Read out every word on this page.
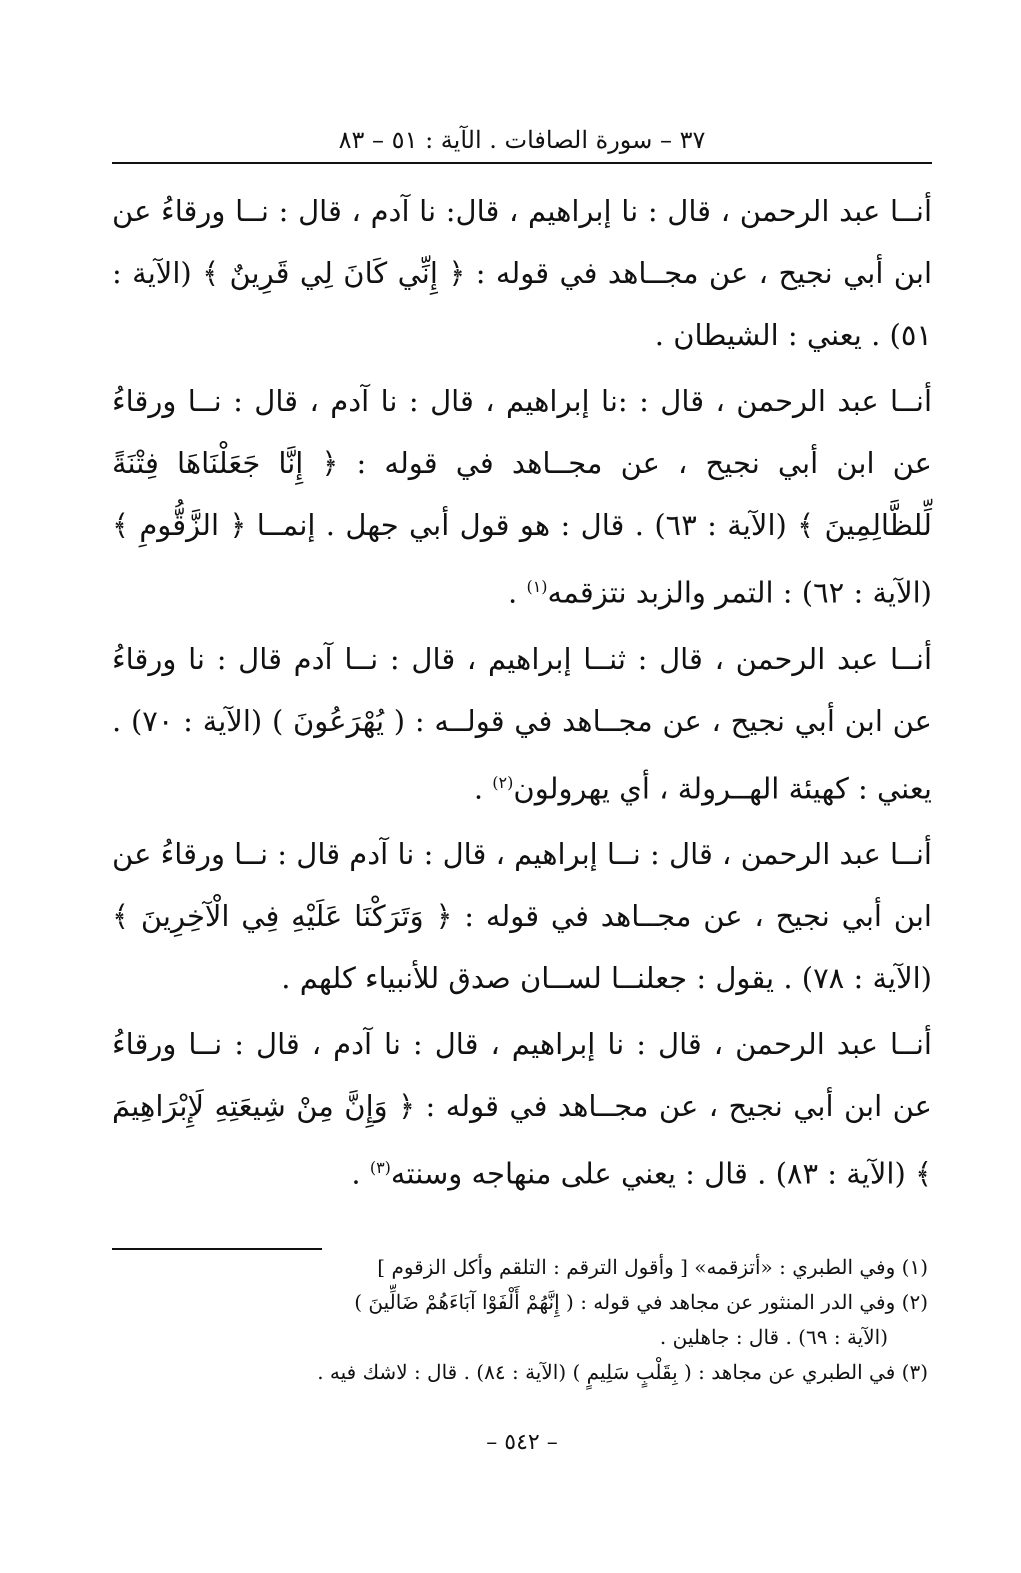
٣٧ – سورة الصافات . الآية : ٥١ – ٨٣

أنــا عبد الرحمن ، قال : نا إبراهيم ، قال: نا آدم ، قال : نــا ورقاءُ عن ابن أبي نجيح ، عن مجــاهد في قوله : ﴿ إِنِّي كَانَ لِي قَرِينٌ ﴾ (الآية : ٥١) . يعني : الشيطان .

أنــا عبد الرحمن ، قال : :نا إبراهيم ، قال : نا آدم ، قال : نــا ورقاءُ عن ابن أبي نجيح ، عن مجــاهد في قوله : ﴿ إِنَّا جَعَلْنَاهَا فِتْنَةً لِّلظَّالِمِينَ ﴾ (الآية : ٦٣) . قال : هو قول أبي جهل . إنمــا ﴿ الزَّقُّومِ ﴾ (الآية : ٦٢) : التمر والزبد نتزقمه$^{(١)}$ .

أنــا عبد الرحمن ، قال : ثنــا إبراهيم ، قال : نــا آدم قال : نا ورقاءُ عن ابن أبي نجيح ، عن مجــاهد في قولــه : ( يُهْرَعُونَ ) (الآية : ٧٠) . يعني : كهيئة الهــرولة ، أي يهرولون$^{(٢)}$ .

أنــا عبد الرحمن ، قال : نــا إبراهيم ، قال : نا آدم قال : نــا ورقاءُ عن ابن أبي نجيح ، عن مجــاهد في قوله : ﴿ وَتَرَكْنَا عَلَيْهِ فِي الْآخِرِينَ ﴾ (الآية : ٧٨) . يقول : جعلنــا لســان صدق للأنبياء كلهم .

أنــا عبد الرحمن ، قال : نا إبراهيم ، قال : نا آدم ، قال : نــا ورقاءُ عن ابن أبي نجيح ، عن مجــاهد في قوله : ﴿ وَإِنَّ مِنْ شِيعَتِهِ لَإِبْرَاهِيمَ ﴾ (الآية : ٨٣) . قال : يعني على منهاجه وسنته$^{(٣)}$ .

(١) وفي الطبري : «أتزقمه» [ وأقول الترقم : التلقم وأكل الزقوم ]
(٢) وفي الدر المنثور عن مجاهد في قوله : ( إِنَّهُمْ أَلْفَوْا آبَاءَهُمْ ضَالِّينَ )
(الآية : ٦٩) . قال : جاهلين .
(٣) في الطبري عن مجاهد : ( بِقَلْبٍ سَلِيمٍ ) (الآية : ٨٤) . قال : لاشك فيه .
– ٥٤٢ –
